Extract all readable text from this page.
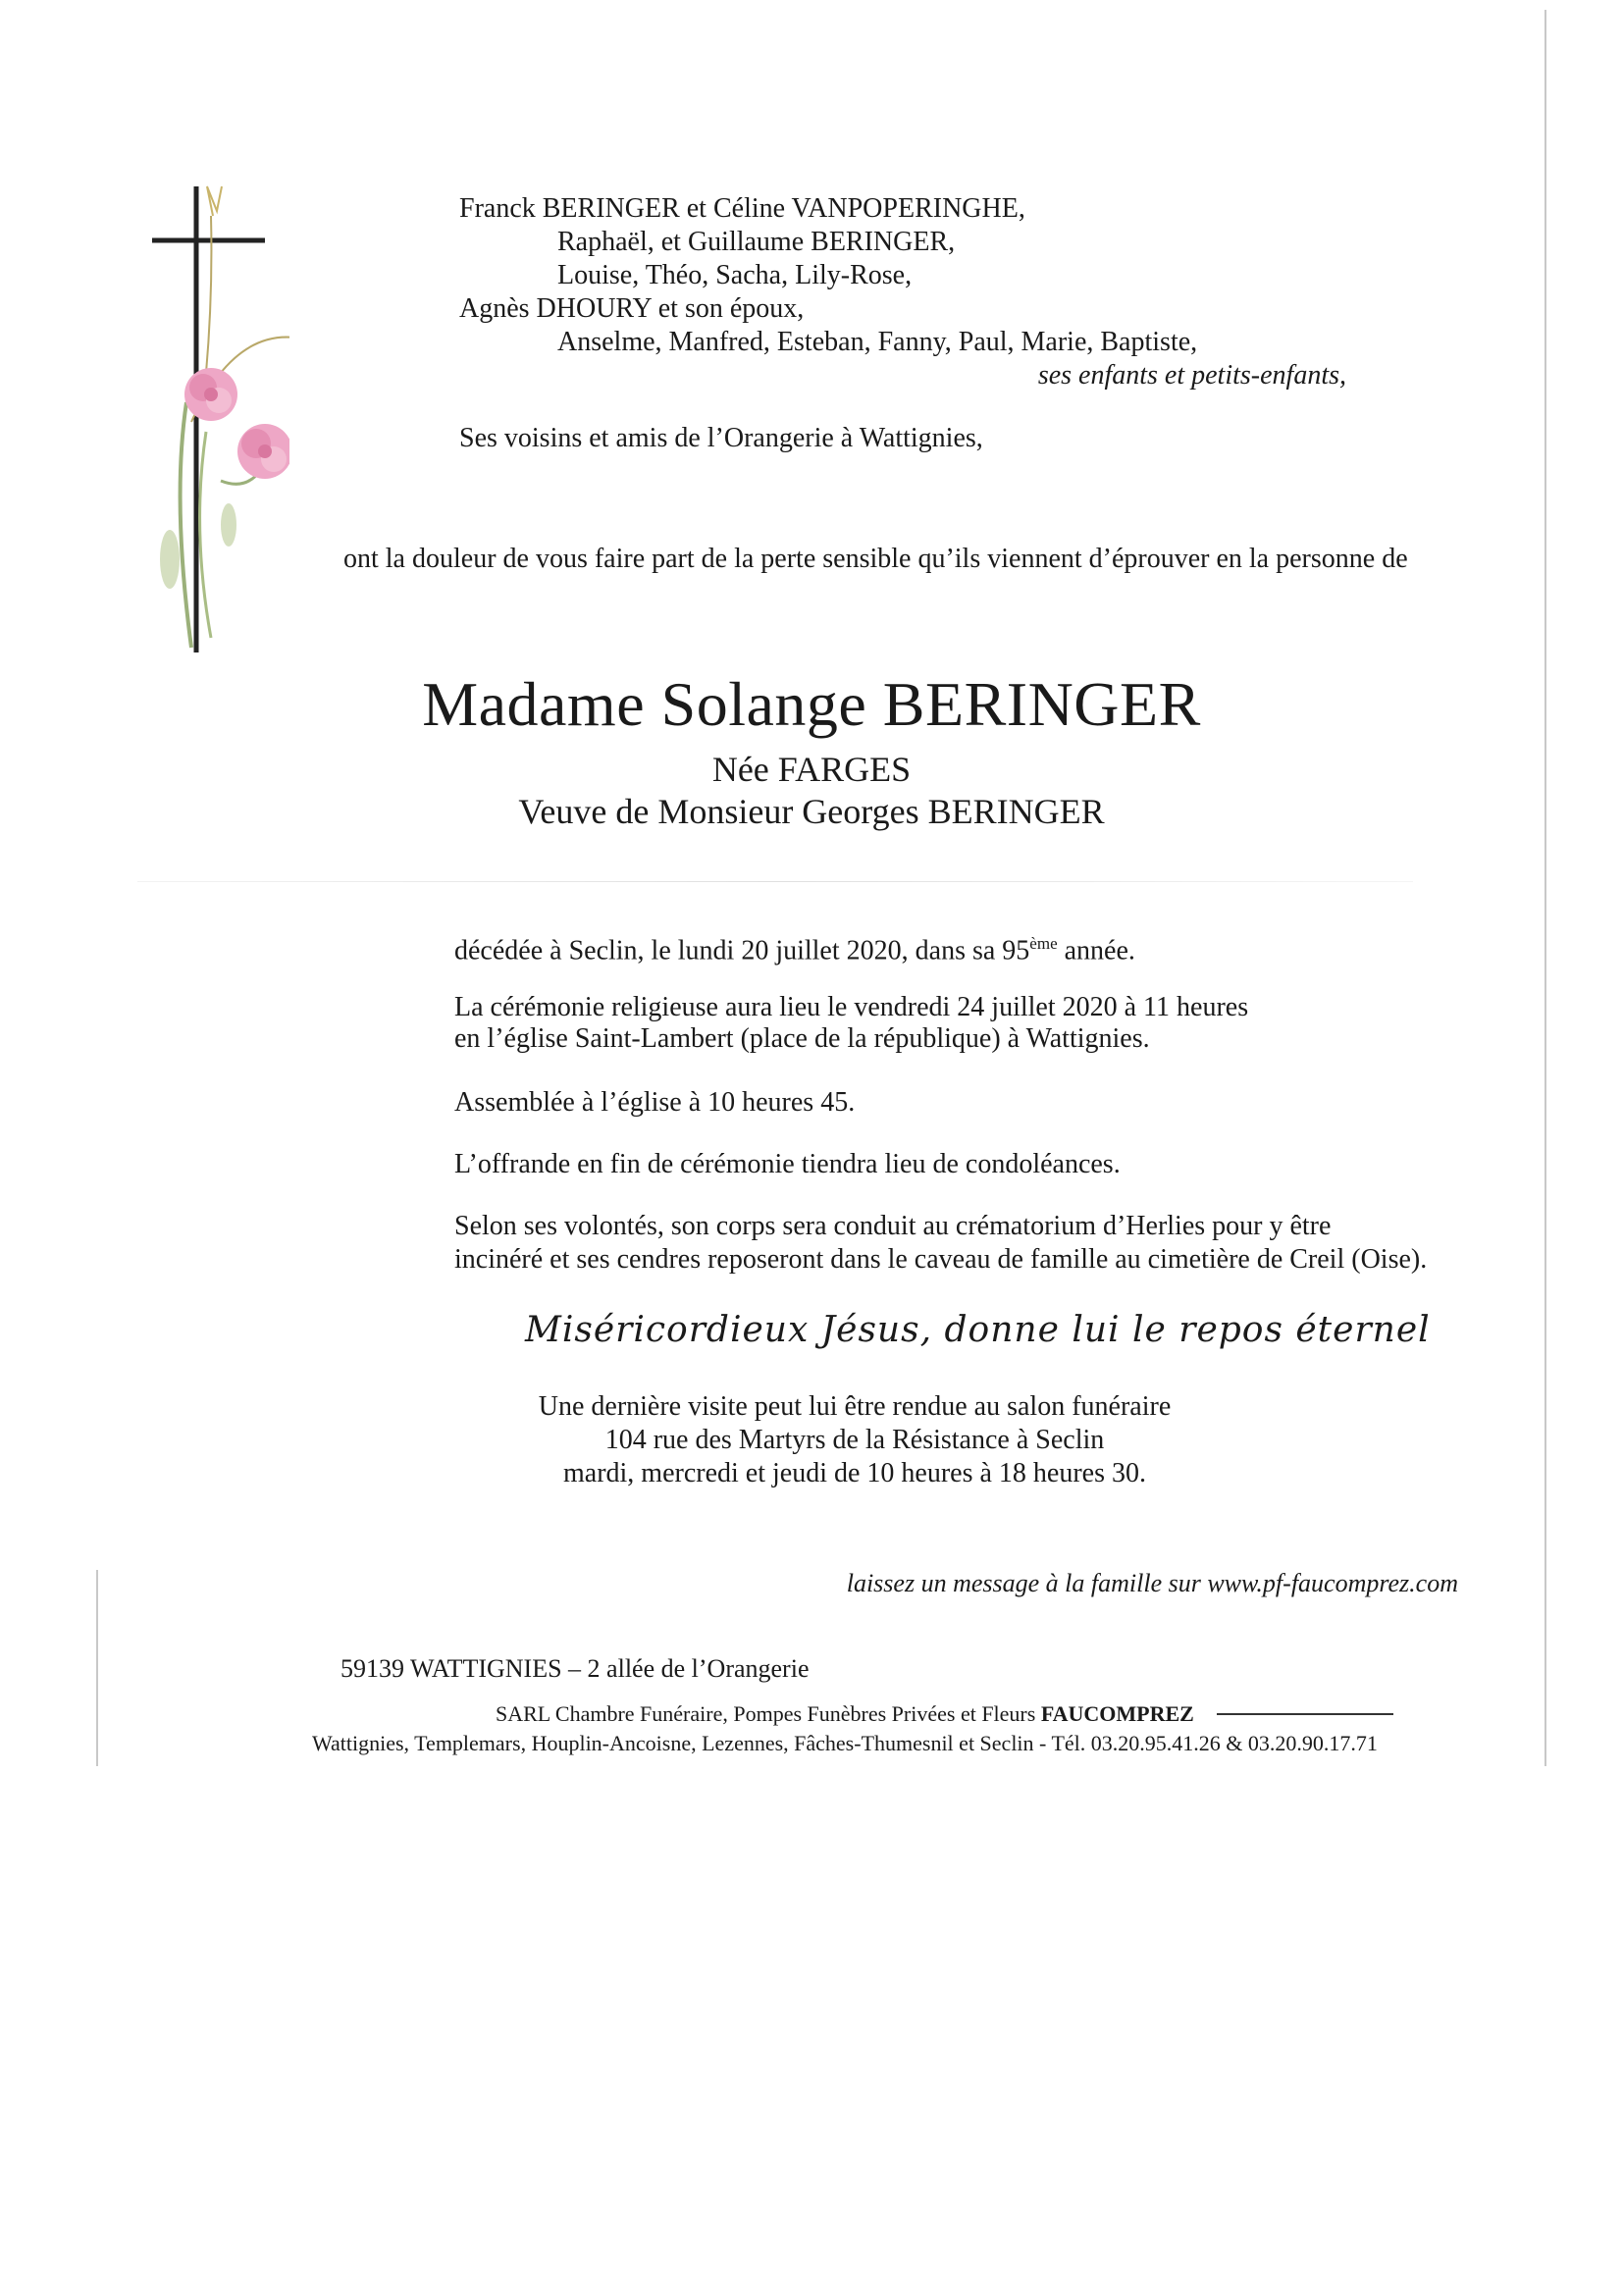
Franck BERINGER et Céline VANPOPERINGHE,
Raphaël, et Guillaume BERINGER,
Louise, Théo, Sacha, Lily-Rose,
Agnès DHOURY et son époux,
Anselme, Manfred, Esteban, Fanny, Paul, Marie, Baptiste,
ses enfants et petits-enfants,
Ses voisins et amis de l’Orangerie à Wattignies,
ont la douleur de vous faire part de la perte sensible qu’ils viennent d’éprouver en la personne de
Madame Solange BERINGER
Née FARGES
Veuve de Monsieur Georges BERINGER
décédée à Seclin, le lundi 20 juillet 2020, dans sa 95ème année.
La cérémonie religieuse aura lieu le vendredi 24 juillet 2020 à 11 heures
en l’église Saint-Lambert (place de la république) à Wattignies.
Assemblée à l’église à 10 heures 45.
L’offrande en fin de cérémonie tiendra lieu de condoléances.
Selon ses volontés, son corps sera conduit au crématorium d’Herlies pour y être
inciné​ré et ses cendres reposeront dans le caveau de famille au cimetière de Creil (Oise).
Miséricordieux Jésus, donne lui le repos éternel
Une dernière visite peut lui être rendue au salon funéraire
104 rue des Martyrs de la Résistance à Seclin
mardi, mercredi et jeudi de 10 heures à 18 heures 30.
laissez un message à la famille sur www.pf-faucomprez.com
59139 WATTIGNIES – 2 allée de l’Orangerie
SARL Chambre Funéraire, Pompes Funèbres Privées et Fleurs FAUCOMPREZ
Wattignies, Templemars, Houplin-Ancoisne, Lezennes, Fâches-Thumesnil et Seclin - Tél. 03.20.95.41.26 & 03.20.90.17.71
